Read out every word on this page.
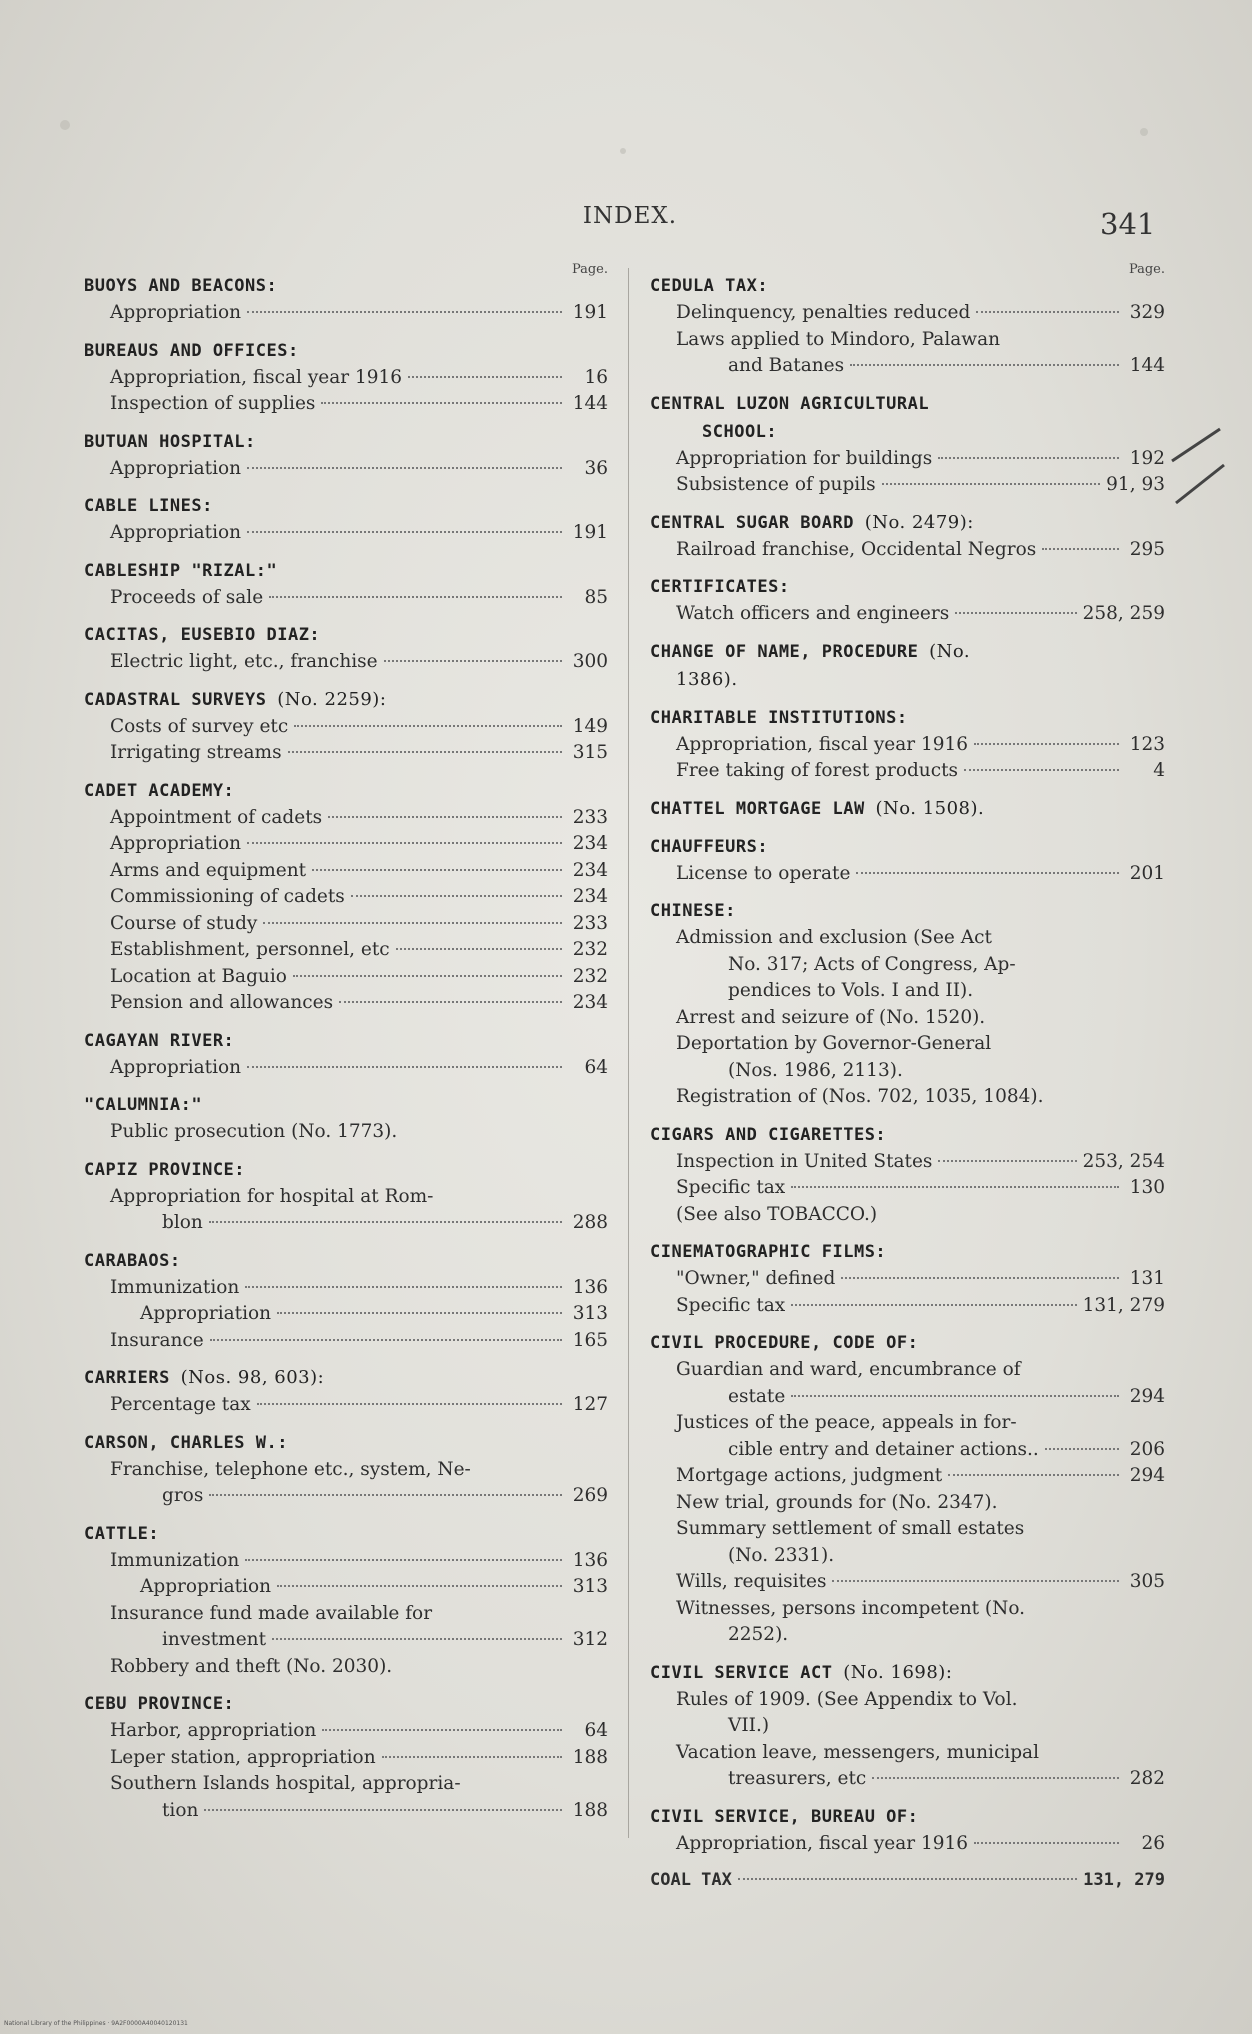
INDEX.	341
Page.
BUOYS AND BEACONS:
Appropriation	191
BUREAUS AND OFFICES:
Appropriation, fiscal year 1916	16
Inspection of supplies	144
BUTUAN HOSPITAL:
Appropriation	36
CABLE LINES:
Appropriation	191
CABLESHIP "RIZAL:"
Proceeds of sale	85
CACITAS, EUSEBIO DIAZ:
Electric light, etc., franchise	300
CADASTRAL SURVEYS (No. 2259):
Costs of survey etc	149
Irrigating streams	315
CADET ACADEMY:
Appointment of cadets	233
Appropriation	234
Arms and equipment	234
Commissioning of cadets	234
Course of study	233
Establishment, personnel, etc	232
Location at Baguio	232
Pension and allowances	234
CAGAYAN RIVER:
Appropriation	64
"CALUMNIA:"
Public prosecution (No. 1773).
CAPIZ PROVINCE:
Appropriation for hospital at Rom-
blon	288
CARABAOS:
Immunization	136
Appropriation	313
Insurance	165
CARRIERS (Nos. 98, 603):
Percentage tax	127
CARSON, CHARLES W.:
Franchise, telephone etc., system, Ne-
gros	269
CATTLE:
Immunization	136
Appropriation	313
Insurance fund made available for
investment	312
Robbery and theft (No. 2030).
CEBU PROVINCE:
Harbor, appropriation	64
Leper station, appropriation	188
Southern Islands hospital, appropria-
tion	188
Page.
CEDULA TAX:
Delinquency, penalties reduced	329
Laws applied to Mindoro, Palawan
and Batanes	144
CENTRAL LUZON AGRICULTURAL
SCHOOL:
Appropriation for buildings	192
Subsistence of pupils	91, 93
CENTRAL SUGAR BOARD (No. 2479):
Railroad franchise, Occidental Negros	295
CERTIFICATES:
Watch officers and engineers	258, 259
CHANGE OF NAME, PROCEDURE (No.
1386).
CHARITABLE INSTITUTIONS:
Appropriation, fiscal year 1916	123
Free taking of forest products	4
CHATTEL MORTGAGE LAW (No. 1508).
CHAUFFEURS:
License to operate	201
CHINESE:
Admission and exclusion (See Act
No. 317; Acts of Congress, Ap-
pendices to Vols. I and II).
Arrest and seizure of (No. 1520).
Deportation by Governor-General
(Nos. 1986, 2113).
Registration of (Nos. 702, 1035, 1084).
CIGARS AND CIGARETTES:
Inspection in United States	253, 254
Specific tax	130
(See also TOBACCO.)
CINEMATOGRAPHIC FILMS:
"Owner," defined	131
Specific tax	131, 279
CIVIL PROCEDURE, CODE OF:
Guardian and ward, encumbrance of
estate	294
Justices of the peace, appeals in for-
cible entry and detainer actions..	206
Mortgage actions, judgment	294
New trial, grounds for (No. 2347).
Summary settlement of small estates
(No. 2331).
Wills, requisites	305
Witnesses, persons incompetent (No.
2252).
CIVIL SERVICE ACT (No. 1698):
Rules of 1909. (See Appendix to Vol.
VII.)
Vacation leave, messengers, municipal
treasurers, etc	282
CIVIL SERVICE, BUREAU OF:
Appropriation, fiscal year 1916	26
COAL TAX	131, 279
National Library of the Philippines · 9A2F0000A40040120131
